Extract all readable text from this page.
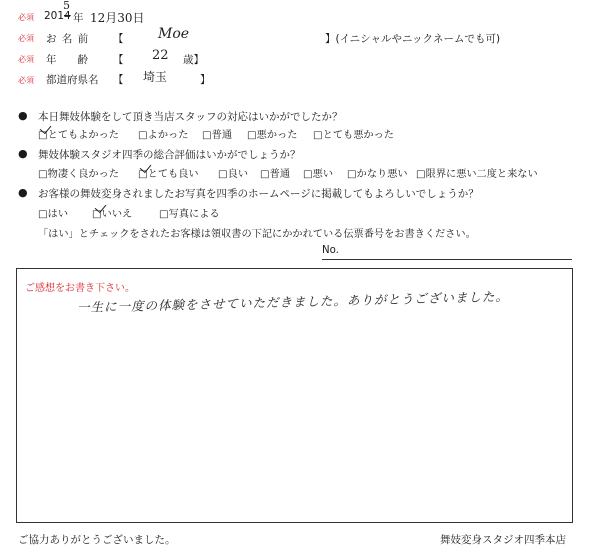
必須 201
5
4 年 12月30日
必須 お 名 前 【 Moe	】(イニシャルやニックネームでも可)
必須 年　　齢 【 22 歳】
必須 都道府県名 【 埼玉	】
● 本日舞妓体験をして頂き当店スタッフの対応はいかがでしたか？
□とてもよかった □よかった □普通 □悪かった □とても悪かった
● 舞妓体験スタジオ四季の総合評価はいかがでしょうか？
□物凄く良かった □とても良い □良い □普通 □悪い □かなり悪い □限界に悪い二度と来ない
● お客様の舞妓変身されましたお写真を四季のホームページに掲載してもよろしいでしょうか？
□はい □いいえ	□写真による
「はい」とチェックをされたお客様は領収書の下記にかかれている伝票番号をお書きください。
No.
ご感想をお書き下さい。
一生に一度の体験をさせていただきました。ありがとうございました。
ご協力ありがとうございました。	舞妓変身スタジオ四季本店
